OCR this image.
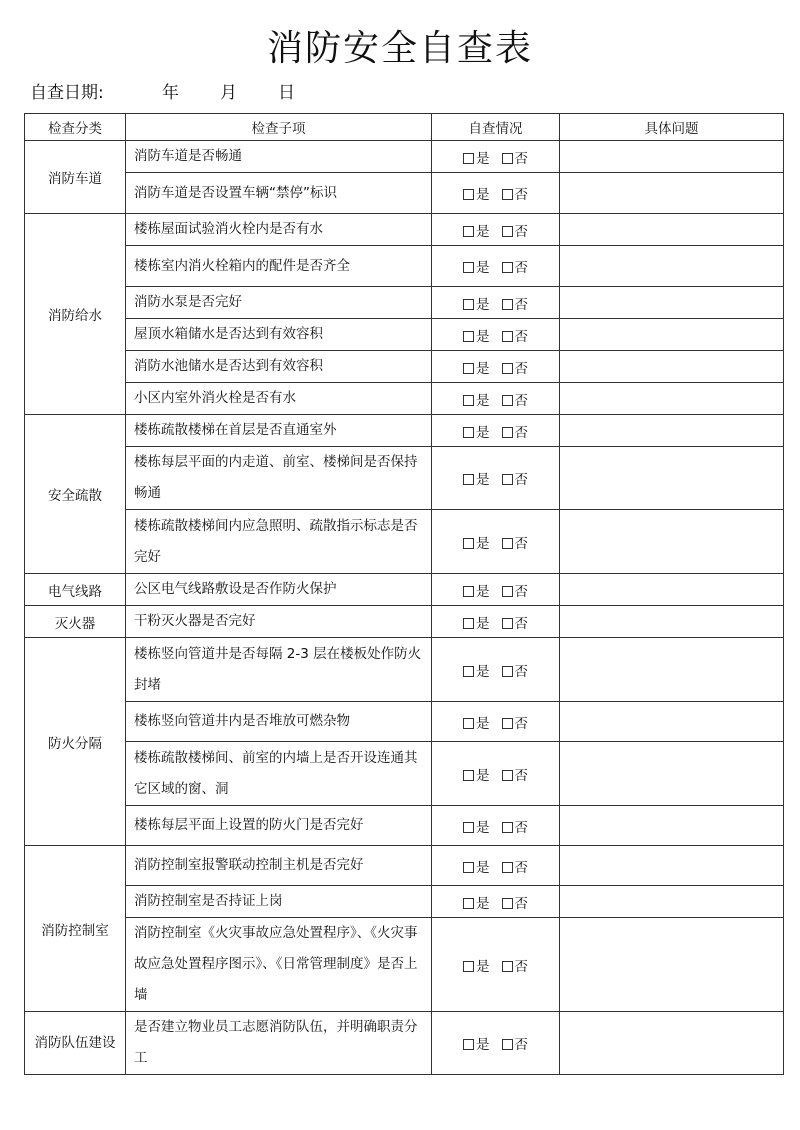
消防安全自查表
自查日期:	年 月 日
检查分类	检查子项	自查情况	具体问题
消防车道	消防车道是否畅通	是 否	
	消防车道是否设置车辆“禁停”标识	是 否	
消防给水	楼栋屋面试验消火栓内是否有水	是 否	
	楼栋室内消火栓箱内的配件是否齐全	是 否	
	消防水泵是否完好	是 否	
	屋顶水箱储水是否达到有效容积	是 否	
	消防水池储水是否达到有效容积	是 否	
	小区内室外消火栓是否有水	是 否	
安全疏散	楼栋疏散楼梯在首层是否直通室外	是 否	
	楼栋每层平面的内走道、前室、楼梯间是否保持畅通	是 否	
	楼栋疏散楼梯间内应急照明、疏散指示标志是否完好	是 否	
电气线路	公区电气线路敷设是否作防火保护	是 否	
灭火器	干粉灭火器是否完好	是 否	
防火分隔	楼栋竖向管道井是否每隔 2-3 层在楼板处作防火封堵	是 否	
	楼栋竖向管道井内是否堆放可燃杂物	是 否	
	楼栋疏散楼梯间、前室的内墙上是否开设连通其它区域的窗、洞	是 否	
	楼栋每层平面上设置的防火门是否完好	是 否	
消防控制室	消防控制室报警联动控制主机是否完好	是 否	
	消防控制室是否持证上岗	是 否	
	消防控制室《火灾事故应急处置程序》、《火灾事故应急处置程序图示》、《日常管理制度》是否上墙	是 否	
消防队伍建设	是否建立物业员工志愿消防队伍，并明确职责分工	是 否	
